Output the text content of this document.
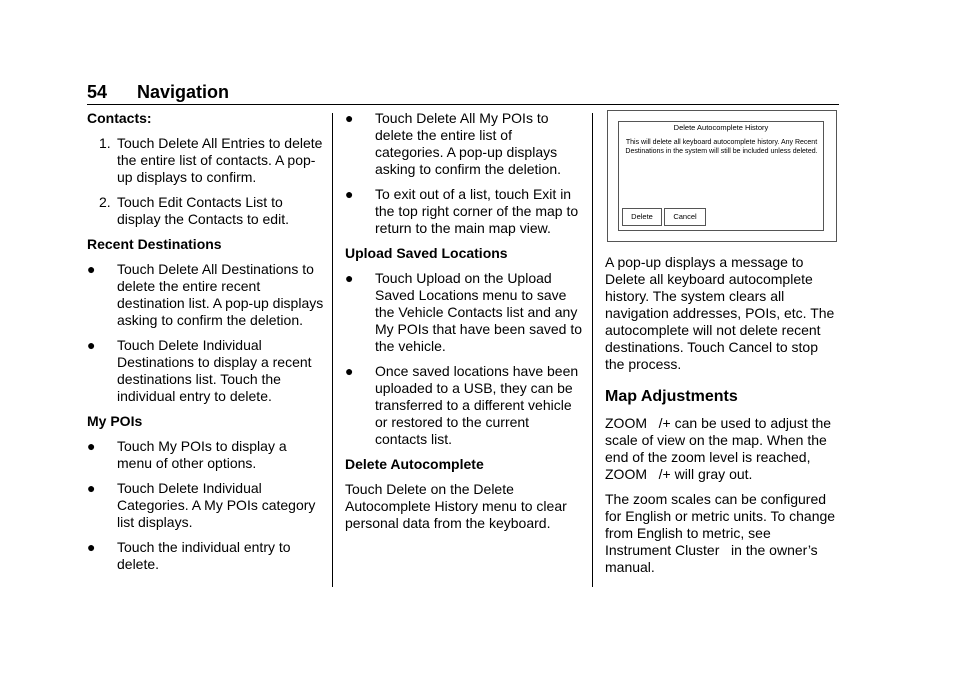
54 Navigation
Contacts:
1. Touch Delete All Entries to delete the entire list of contacts. A pop-up displays to confirm.
2. Touch Edit Contacts List to display the Contacts to edit.
Recent Destinations
●	Touch Delete All Destinations to delete the entire recent destination list. A pop-up displays asking to confirm the deletion.
●	Touch Delete Individual Destinations to display a recent destinations list. Touch the individual entry to delete.
My POIs
●	Touch My POIs to display a menu of other options.
●	Touch Delete Individual Categories. A My POIs category list displays.
●	Touch the individual entry to delete.
●	Touch Delete All My POIs to delete the entire list of categories. A pop-up displays asking to confirm the deletion.
●	To exit out of a list, touch Exit in the top right corner of the map to return to the main map view.
Upload Saved Locations
●	Touch Upload on the Upload Saved Locations menu to save the Vehicle Contacts list and any My POIs that have been saved to the vehicle.
●	Once saved locations have been uploaded to a USB, they can be transferred to a different vehicle or restored to the current contacts list.
Delete Autocomplete
Touch Delete on the Delete Autocomplete History menu to clear personal data from the keyboard.
Delete Autocomplete History
This will delete all keyboard autocomplete history. Any Recent Destinations in the system will still be included unless deleted.
Delete	Cancel
A pop-up displays a message to Delete all keyboard autocomplete history. The system clears all navigation addresses, POIs, etc. The autocomplete will not delete recent destinations. Touch Cancel to stop the process.
Map Adjustments
ZOOM   /+ can be used to adjust the scale of view on the map. When the end of the zoom level is reached, ZOOM   /+ will gray out.
The zoom scales can be configured for English or metric units. To change from English to metric, see   Instrument Cluster   in the owner’s manual.
